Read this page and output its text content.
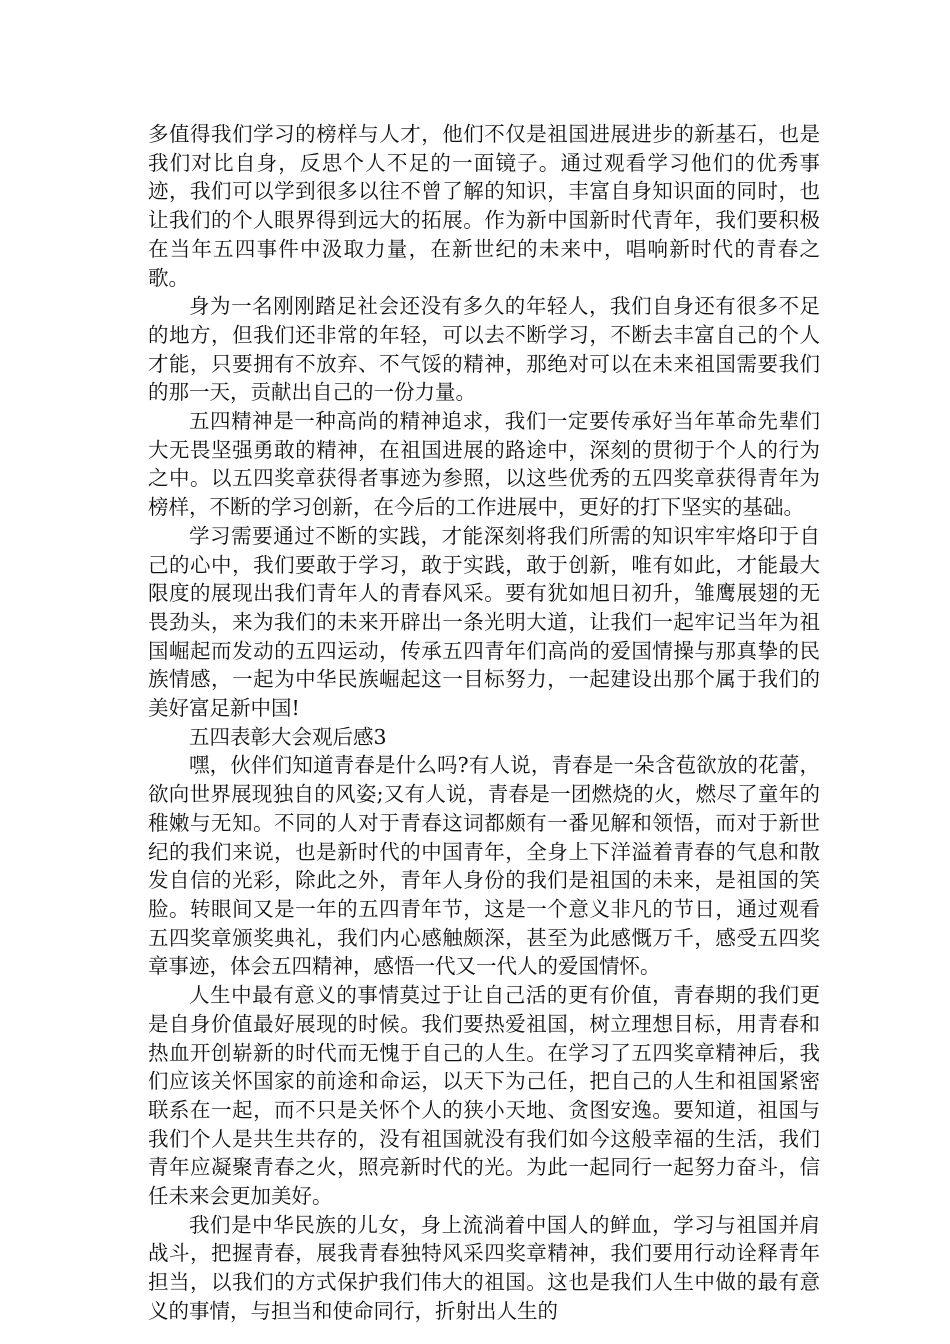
多值得我们学习的榜样与人才，他们不仅是祖国进展进步的新基石，也是我们对比自身，反思个人不足的一面镜子。通过观看学习他们的优秀事迹，我们可以学到很多以往不曾了解的知识，丰富自身知识面的同时，也让我们的个人眼界得到远大的拓展。作为新中国新时代青年，我们要积极在当年五四事件中汲取力量，在新世纪的未来中，唱响新时代的青春之歌。

身为一名刚刚踏足社会还没有多久的年轻人，我们自身还有很多不足的地方，但我们还非常的年轻，可以去不断学习，不断去丰富自己的个人才能，只要拥有不放弃、不气馁的精神，那绝对可以在未来祖国需要我们的那一天，贡献出自己的一份力量。

五四精神是一种高尚的精神追求，我们一定要传承好当年革命先辈们大无畏坚强勇敢的精神，在祖国进展的路途中，深刻的贯彻于个人的行为之中。以五四奖章获得者事迹为参照，以这些优秀的五四奖章获得青年为榜样，不断的学习创新，在今后的工作进展中，更好的打下坚实的基础。

学习需要通过不断的实践，才能深刻将我们所需的知识牢牢烙印于自己的心中，我们要敢于学习，敢于实践，敢于创新，唯有如此，才能最大限度的展现出我们青年人的青春风采。要有犹如旭日初升，雏鹰展翅的无畏劲头，来为我们的未来开辟出一条光明大道，让我们一起牢记当年为祖国崛起而发动的五四运动，传承五四青年们高尚的爱国情操与那真挚的民族情感，一起为中华民族崛起这一目标努力，一起建设出那个属于我们的美好富足新中国!

五四表彰大会观后感3

嘿，伙伴们知道青春是什么吗?有人说，青春是一朵含苞欲放的花蕾，欲向世界展现独自的风姿;又有人说，青春是一团燃烧的火，燃尽了童年的稚嫩与无知。不同的人对于青春这词都颇有一番见解和领悟，而对于新世纪的我们来说，也是新时代的中国青年，全身上下洋溢着青春的气息和散发自信的光彩，除此之外，青年人身份的我们是祖国的未来，是祖国的笑脸。转眼间又是一年的五四青年节，这是一个意义非凡的节日，通过观看五四奖章颁奖典礼，我们内心感触颇深，甚至为此感慨万千，感受五四奖章事迹，体会五四精神，感悟一代又一代人的爱国情怀。

人生中最有意义的事情莫过于让自己活的更有价值，青春期的我们更是自身价值最好展现的时候。我们要热爱祖国，树立理想目标，用青春和热血开创崭新的时代而无愧于自己的人生。在学习了五四奖章精神后，我们应该关怀国家的前途和命运，以天下为己任，把自己的人生和祖国紧密联系在一起，而不只是关怀个人的狭小天地、贪图安逸。要知道，祖国与我们个人是共生共存的，没有祖国就没有我们如今这般幸福的生活，我们青年应凝聚青春之火，照亮新时代的光。为此一起同行一起努力奋斗，信任未来会更加美好。

我们是中华民族的儿女，身上流淌着中国人的鲜血，学习与祖国并肩战斗，把握青春，展我青春独特风采四奖章精神，我们要用行动诠释青年担当，以我们的方式保护我们伟大的祖国。这也是我们人生中做的最有意义的事情，与担当和使命同行，折射出人生的
